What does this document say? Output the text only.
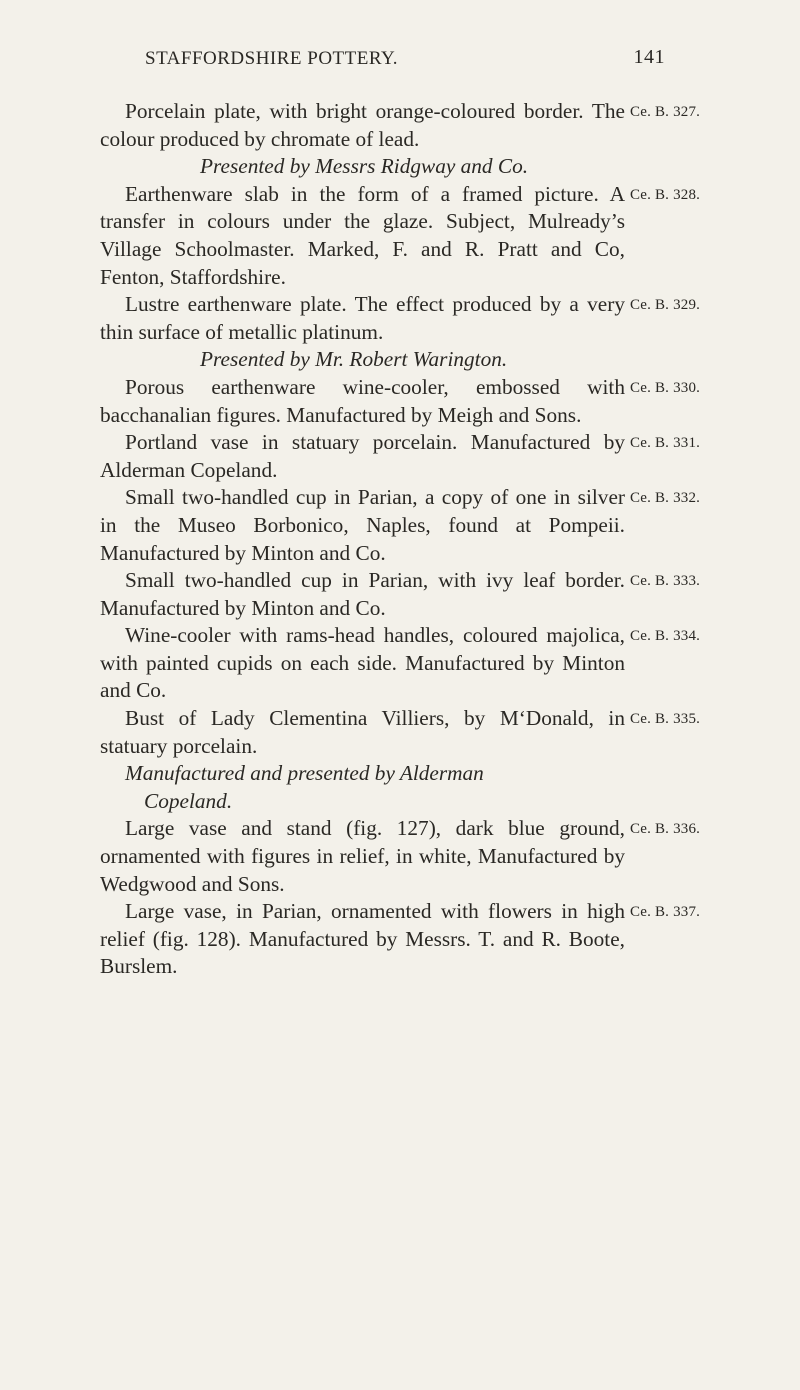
STAFFORDSHIRE POTTERY.	141

Porcelain plate, with bright orange-coloured border. The colour produced by chromate of lead.

Presented by Messrs Ridgway and Co.

Ce. B. 327.

Earthenware slab in the form of a framed picture. A transfer in colours under the glaze. Subject, Mulready’s Village Schoolmaster. Marked, F. and R. Pratt and Co, Fenton, Staffordshire.

Ce. B. 328.

Lustre earthenware plate. The effect produced by a very thin surface of metallic platinum.

Presented by Mr. Robert Warington.

Ce. B. 329.

Porous earthenware wine-cooler, embossed with bacchanalian figures. Manufactured by Meigh and Sons.

Ce. B. 330.

Portland vase in statuary porcelain. Manufactured by Alderman Copeland.

Ce. B. 331.

Small two-handled cup in Parian, a copy of one in silver in the Museo Borbonico, Naples, found at Pompeii. Manufactured by Minton and Co.

Ce. B. 332.

Small two-handled cup in Parian, with ivy leaf border. Manufactured by Minton and Co.

Ce. B. 333.

Wine-cooler with rams-head handles, coloured majolica, with painted cupids on each side. Manufactured by Minton and Co.

Ce. B. 334.

Bust of Lady Clementina Villiers, by M‘Donald, in statuary porcelain.

Manufactured and presented by Alderman
Copeland.

Ce. B. 335.

Large vase and stand (fig. 127), dark blue ground, ornamented with figures in relief, in white, Manufactured by Wedgwood and Sons.

Ce. B. 336.

Large vase, in Parian, ornamented with flowers in high relief (fig. 128). Manufactured by Messrs. T. and R. Boote, Burslem.

Ce. B. 337.
